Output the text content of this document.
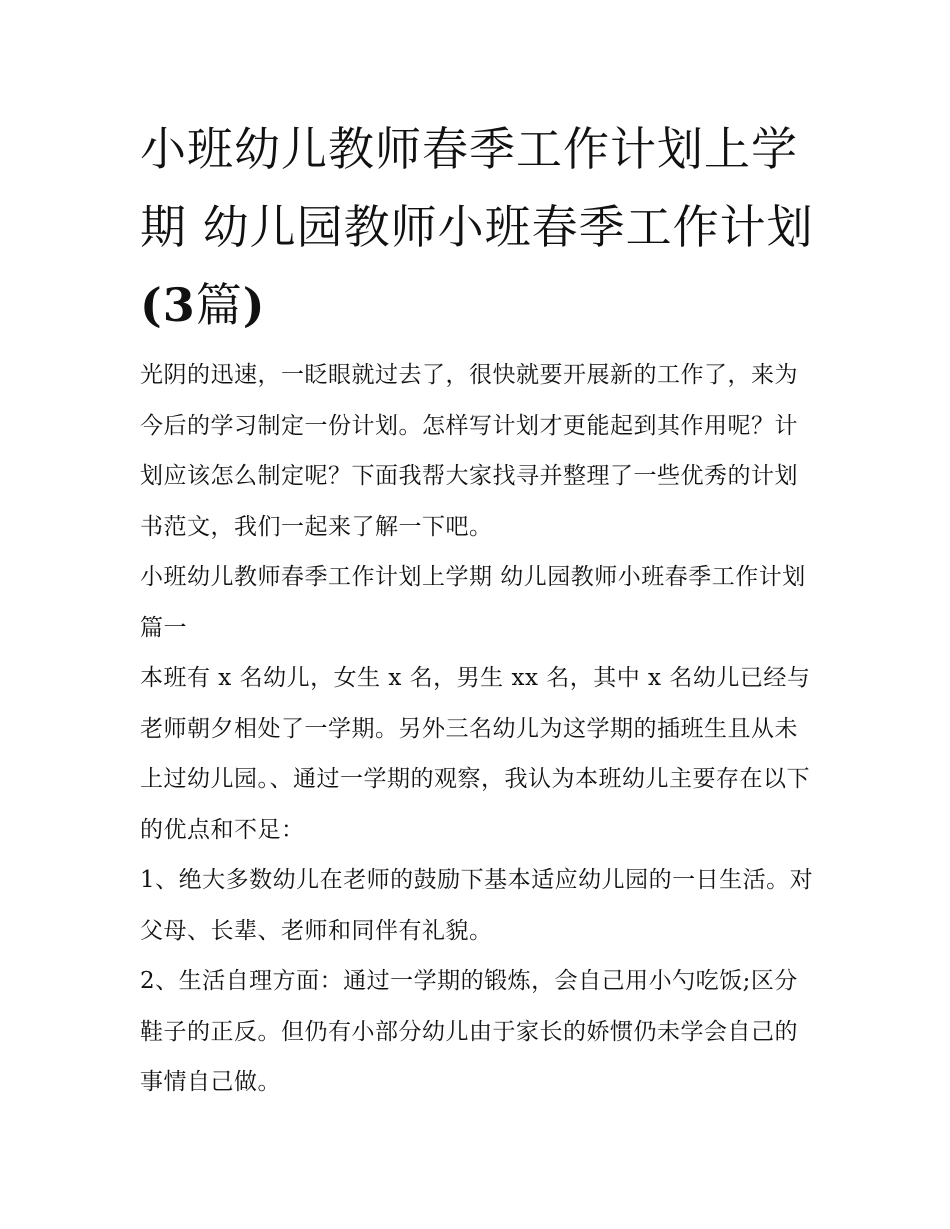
小班幼儿教师春季工作计划上学期 幼儿园教师小班春季工作计划(3篇)

光阴的迅速，一眨眼就过去了，很快就要开展新的工作了，来为今后的学习制定一份计划。怎样写计划才更能起到其作用呢？计划应该怎么制定呢？下面我帮大家找寻并整理了一些优秀的计划书范文，我们一起来了解一下吧。

小班幼儿教师春季工作计划上学期 幼儿园教师小班春季工作计划篇一

本班有 x 名幼儿，女生 x 名，男生 xx 名，其中 x 名幼儿已经与老师朝夕相处了一学期。另外三名幼儿为这学期的插班生且从未上过幼儿园。、通过一学期的观察，我认为本班幼儿主要存在以下的优点和不足：

1、绝大多数幼儿在老师的鼓励下基本适应幼儿园的一日生活。对父母、长辈、老师和同伴有礼貌。

2、生活自理方面：通过一学期的锻炼，会自己用小勺吃饭;区分鞋子的正反。但仍有小部分幼儿由于家长的娇惯仍未学会自己的事情自己做。
